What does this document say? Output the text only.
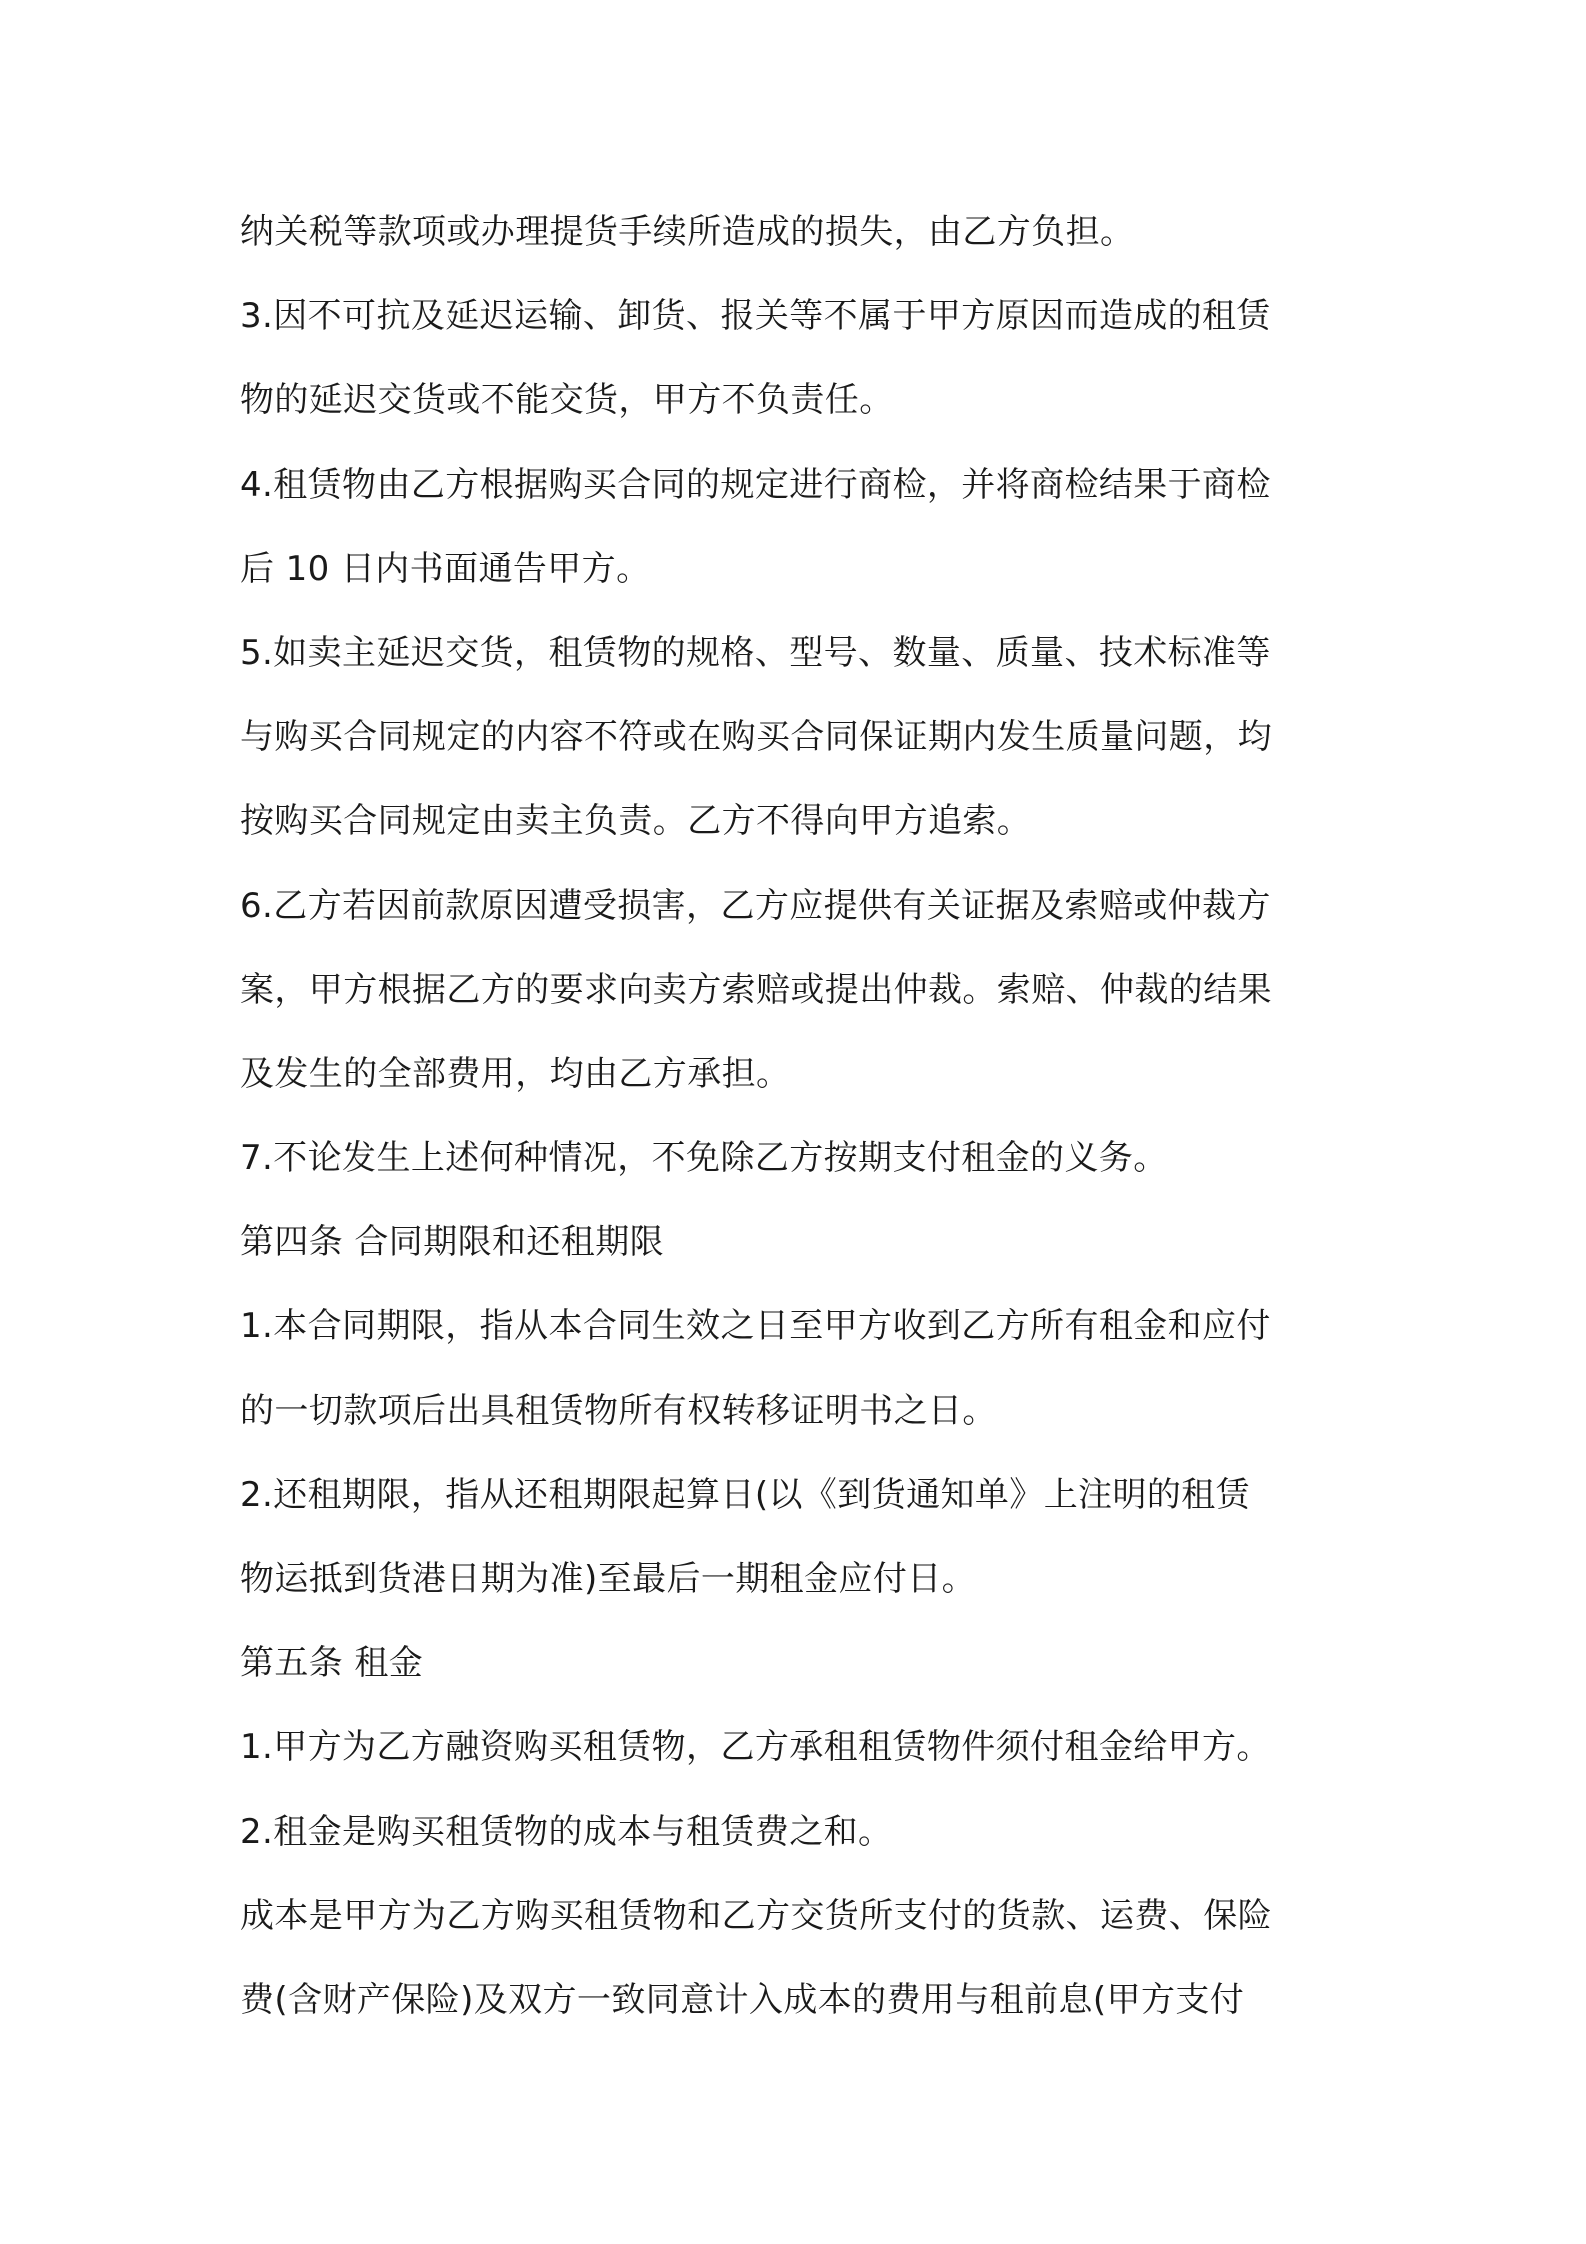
纳关税等款项或办理提货手续所造成的损失，由乙方负担。
3.因不可抗及延迟运输、卸货、报关等不属于甲方原因而造成的租赁
物的延迟交货或不能交货，甲方不负责任。
4.租赁物由乙方根据购买合同的规定进行商检，并将商检结果于商检
后 10 日内书面通告甲方。
5.如卖主延迟交货，租赁物的规格、型号、数量、质量、技术标准等
与购买合同规定的内容不符或在购买合同保证期内发生质量问题，均
按购买合同规定由卖主负责。乙方不得向甲方追索。
6.乙方若因前款原因遭受损害，乙方应提供有关证据及索赔或仲裁方
案，甲方根据乙方的要求向卖方索赔或提出仲裁。索赔、仲裁的结果
及发生的全部费用，均由乙方承担。
7.不论发生上述何种情况，不免除乙方按期支付租金的义务。
第四条 合同期限和还租期限
1.本合同期限，指从本合同生效之日至甲方收到乙方所有租金和应付
的一切款项后出具租赁物所有权转移证明书之日。
2.还租期限，指从还租期限起算日(以《到货通知单》上注明的租赁
物运抵到货港日期为准)至最后一期租金应付日。
第五条 租金
1.甲方为乙方融资购买租赁物，乙方承租租赁物件须付租金给甲方。
2.租金是购买租赁物的成本与租赁费之和。
成本是甲方为乙方购买租赁物和乙方交货所支付的货款、运费、保险
费(含财产保险)及双方一致同意计入成本的费用与租前息(甲方支付
